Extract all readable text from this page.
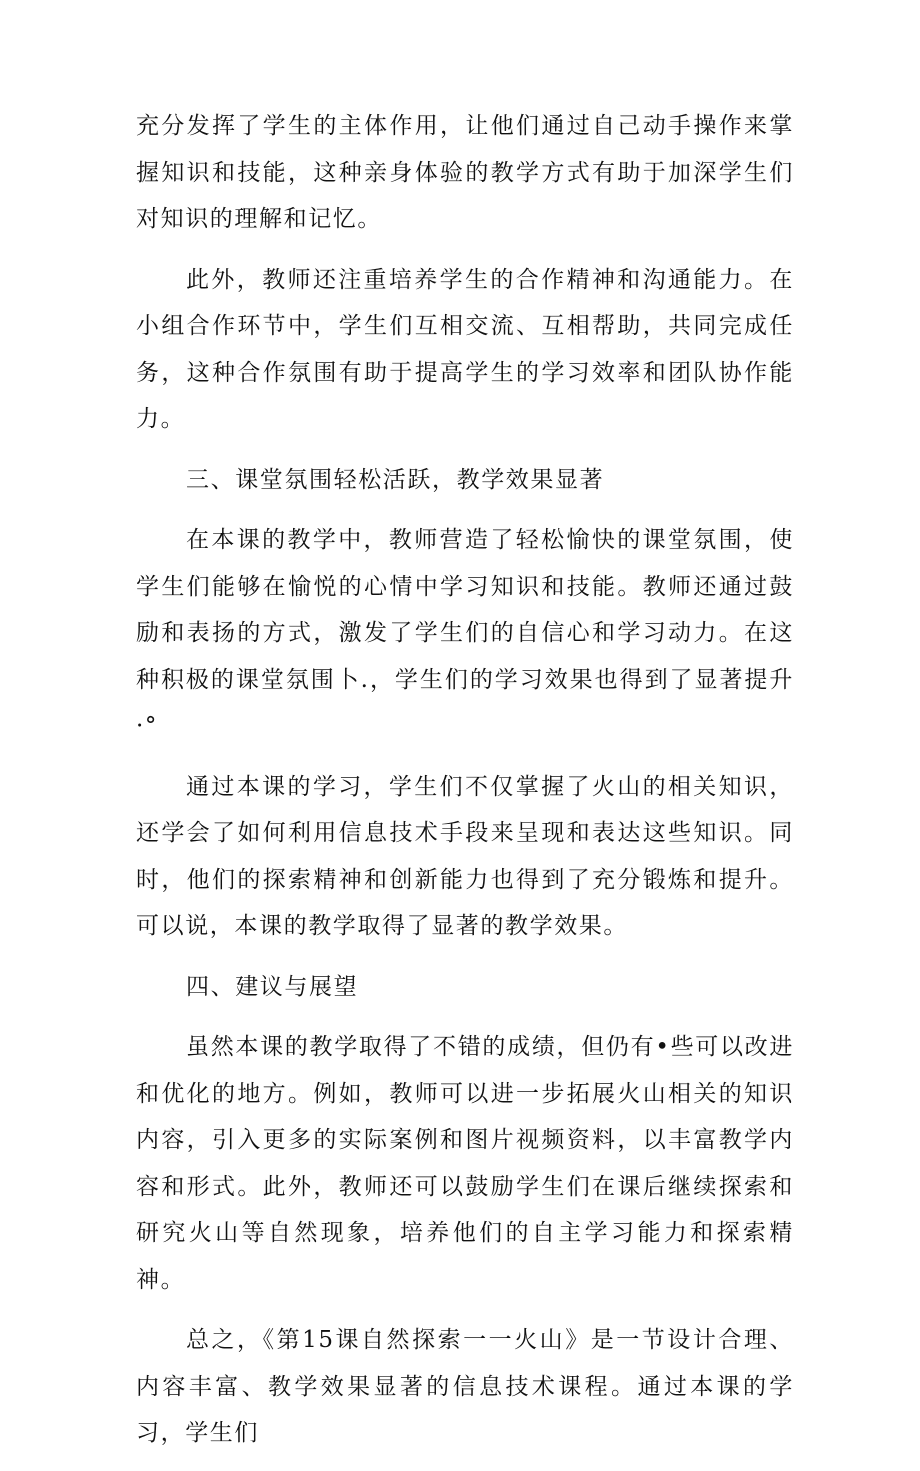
充分发挥了学生的主体作用，让他们通过自己动手操作来掌握知识和技能，这种亲身体验的教学方式有助于加深学生们对知识的理解和记忆。

此外，教师还注重培养学生的合作精神和沟通能力。在小组合作环节中，学生们互相交流、互相帮助，共同完成任务，这种合作氛围有助于提高学生的学习效率和团队协作能力。

三、课堂氛围轻松活跃，教学效果显著

在本课的教学中，教师营造了轻松愉快的课堂氛围，使学生们能够在愉悦的心情中学习知识和技能。教师还通过鼓励和表扬的方式，激发了学生们的自信心和学习动力。在这种积极的课堂氛围卜.，学生们的学习效果也得到了显著提升·°

通过本课的学习，学生们不仅掌握了火山的相关知识，还学会了如何利用信息技术手段来呈现和表达这些知识。同时，他们的探索精神和创新能力也得到了充分锻炼和提升。可以说，本课的教学取得了显著的教学效果。

四、建议与展望

虽然本课的教学取得了不错的成绩，但仍有•些可以改进和优化的地方。例如，教师可以进一步拓展火山相关的知识内容，引入更多的实际案例和图片视频资料，以丰富教学内容和形式。此外，教师还可以鼓励学生们在课后继续探索和研究火山等自然现象，培养他们的自主学习能力和探索精神。

总之，《第15课自然探索一一火山》是一节设计合理、内容丰富、教学效果显著的信息技术课程。通过本课的学习，学生们
